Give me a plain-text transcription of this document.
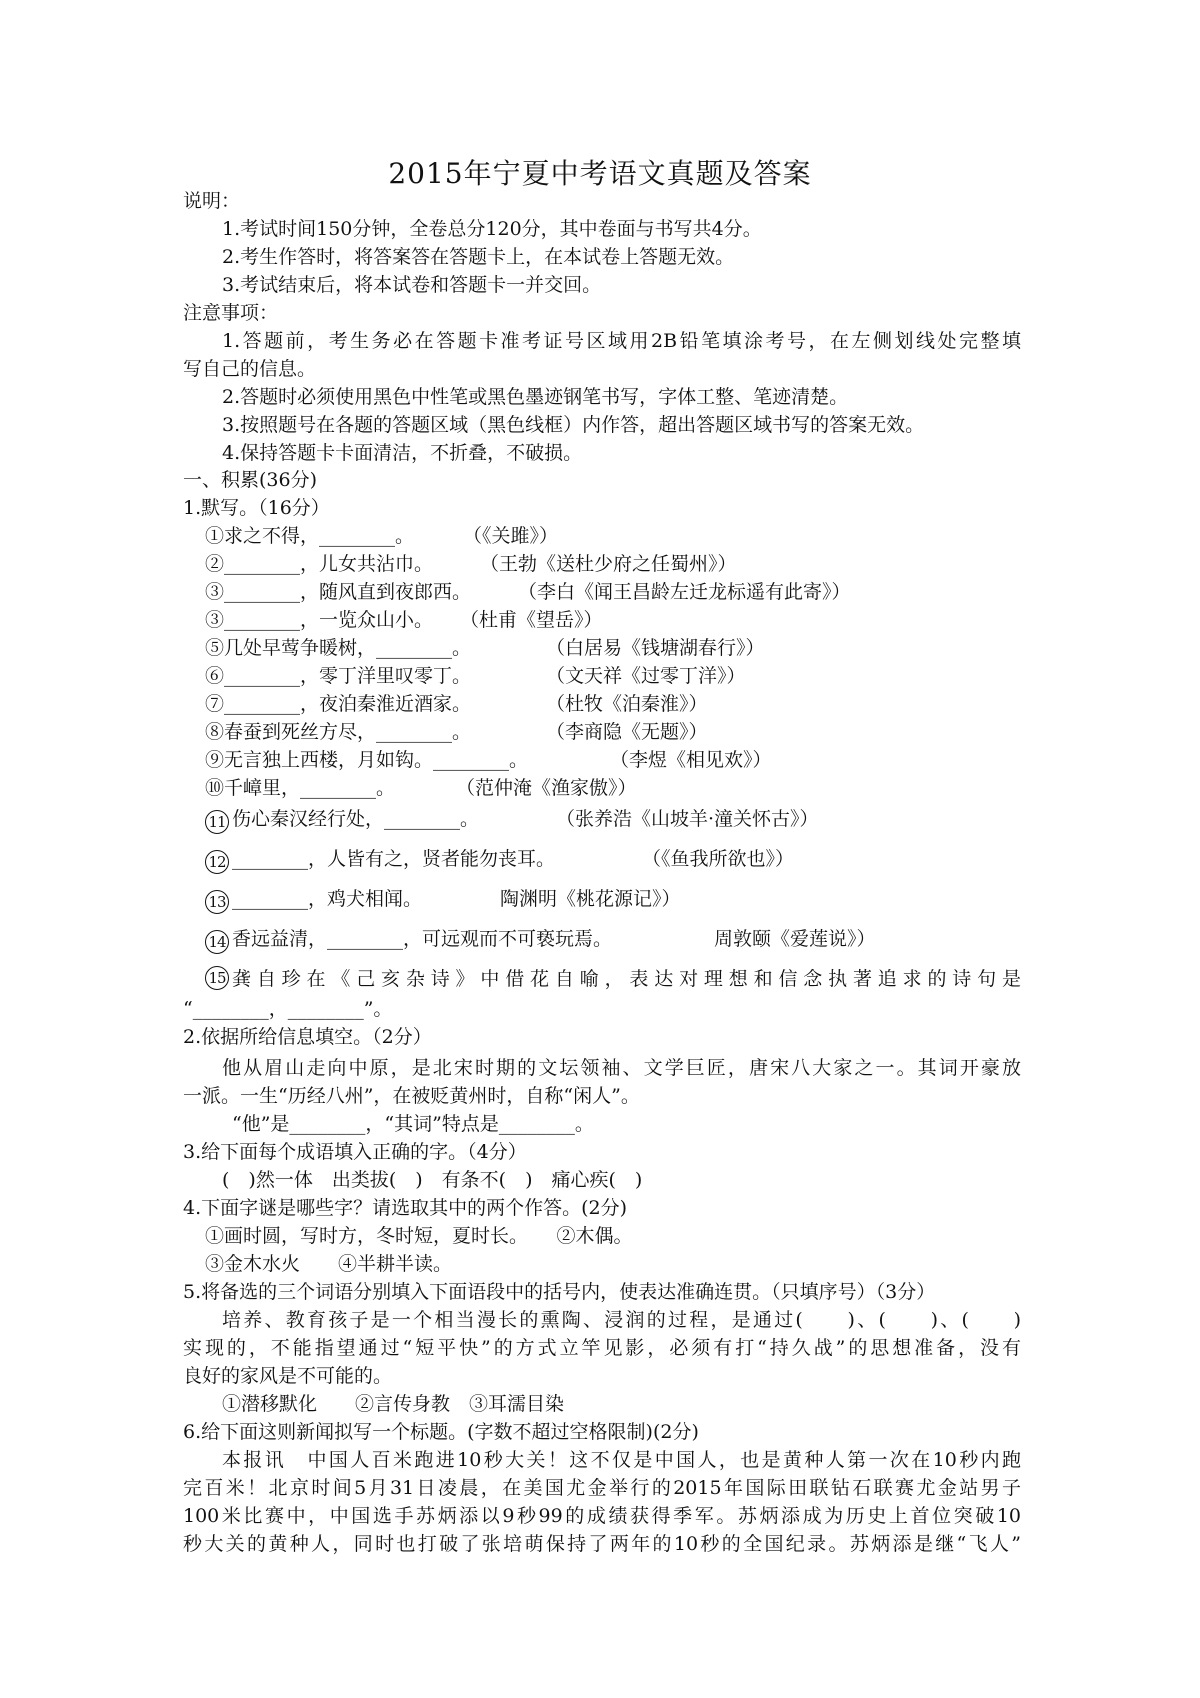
2015年宁夏中考语文真题及答案
说明：
1.考试时间150分钟，全卷总分120分，其中卷面与书写共4分。
2.考生作答时，将答案答在答题卡上，在本试卷上答题无效。
3.考试结束后，将本试卷和答题卡一并交回。
注意事项：
1.答题前，考生务必在答题卡准考证号区域用2B铅笔填涂考号，在左侧划线处完整填
写自己的信息。
2.答题时必须使用黑色中性笔或黑色墨迹钢笔书写，字体工整、笔迹清楚。
3.按照题号在各题的答题区域（黑色线框）内作答，超出答题区域书写的答案无效。
4.保持答题卡卡面清洁，不折叠，不破损。
一、积累(36分)
1.默写。（16分）
①求之不得，________。	（《关雎》）
②________，儿女共沾巾。 （王勃《送杜少府之任蜀州》）
③________，随风直到夜郎西。 （李白《闻王昌龄左迁龙标遥有此寄》）
③________，一览众山小。 （杜甫《望岳》）
⑤几处早莺争暖树，________。	（白居易《钱塘湖春行》）
⑥________，零丁洋里叹零丁。	（文天祥《过零丁洋》）
⑦________，夜泊秦淮近酒家。	（杜牧《泊秦淮》）
⑧春蚕到死丝方尽，________。	（李商隐《无题》）
⑨无言独上西楼，月如钩。________。	（李煜《相见欢》）
⑩千嶂里，________。	（范仲淹《渔家傲》）
11 伤心秦汉经行处，________。	（张养浩《山坡羊·潼关怀古》）
12 ________，人皆有之，贤者能勿丧耳。	（《鱼我所欲也》）
13 ________，鸡犬相闻。	陶渊明《桃花源记》）
14 香远益清，________，可远观而不可亵玩焉。	周敦颐《爱莲说》）
15 龚自珍在《己亥杂诗》中借花自喻，表达对理想和信念执著追求的诗句是
“________，________”。
2.依据所给信息填空。（2分）
他从眉山走向中原，是北宋时期的文坛领袖、文学巨匠，唐宋八大家之一。其词开豪放
一派。一生“历经八州”，在被贬黄州时，自称“闲人”。
“他”是________，“其词”特点是________。
3.给下面每个成语填入正确的字。（4分）
(　)然一体　出类拔(　)　有条不(　)　痛心疾(　)
4.下面字谜是哪些字？请选取其中的两个作答。(2分)
①画时圆，写时方，冬时短，夏时长。　　②木偶。
③金木水火　　④半耕半读。
5.将备选的三个词语分别填入下面语段中的括号内，使表达准确连贯。（只填序号）（3分）
培养、教育孩子是一个相当漫长的熏陶、浸润的过程，是通过(　　)、(　　)、(　　)
实现的，不能指望通过“短平快”的方式立竿见影，必须有打“持久战”的思想准备，没有
良好的家风是不可能的。
①潜移默化　　②言传身教　③耳濡目染
6.给下面这则新闻拟写一个标题。(字数不超过空格限制)(2分)
本报讯　中国人百米跑进10秒大关！这不仅是中国人，也是黄种人第一次在10秒内跑
完百米！北京时间5月31日凌晨，在美国尤金举行的2015年国际田联钻石联赛尤金站男子
100米比赛中，中国选手苏炳添以9秒99的成绩获得季军。苏炳添成为历史上首位突破10
秒大关的黄种人，同时也打破了张培萌保持了两年的10秒的全国纪录。苏炳添是继“飞人”
